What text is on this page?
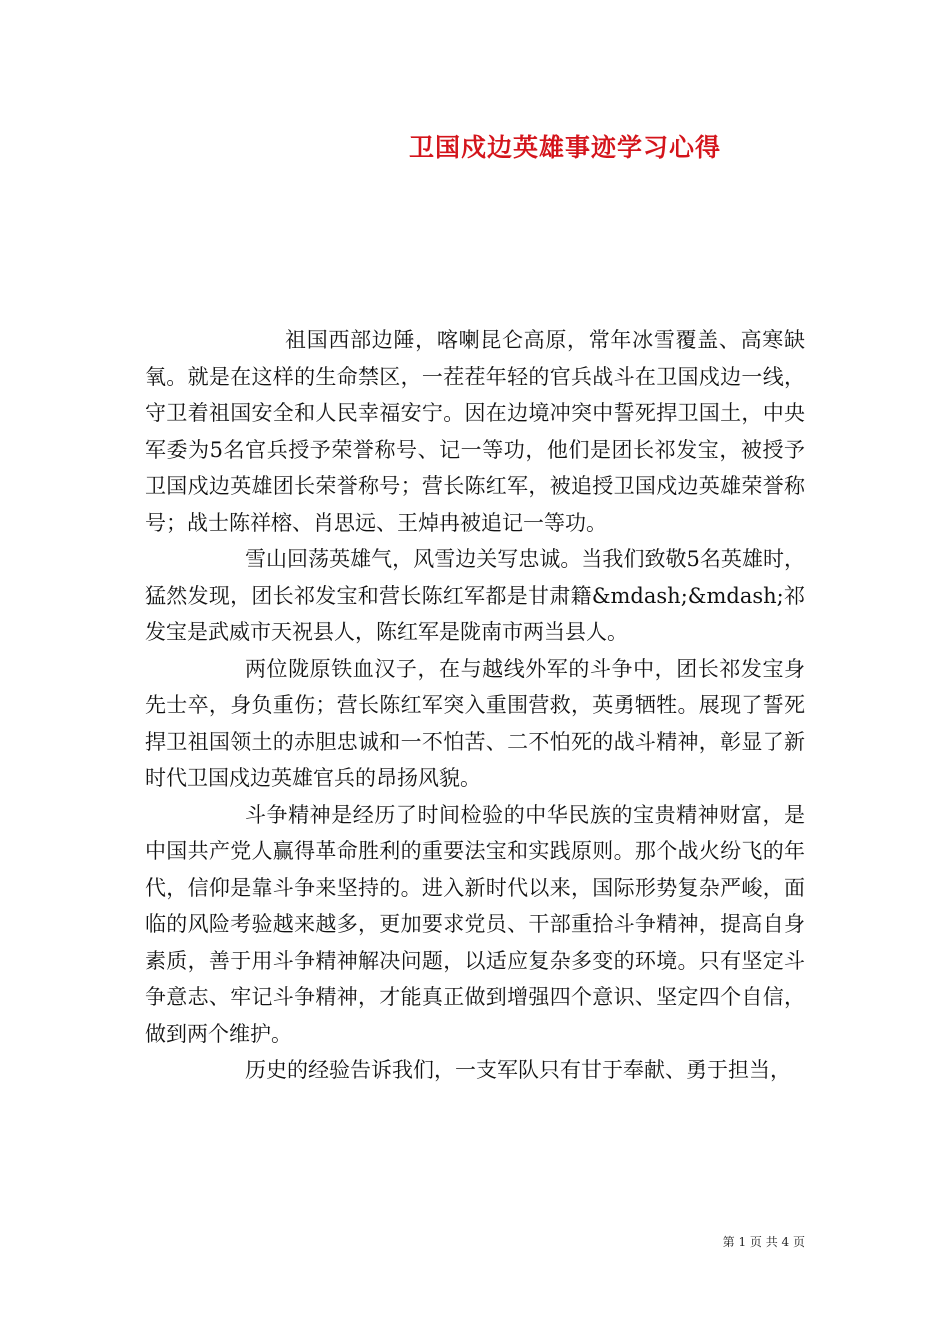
卫国戍边英雄事迹学习心得

祖国西部边陲，喀喇昆仑高原，常年冰雪覆盖、高寒缺氧。就是在这样的生命禁区，一茬茬年轻的官兵战斗在卫国戍边一线，守卫着祖国安全和人民幸福安宁。因在边境冲突中誓死捍卫国土，中央军委为5名官兵授予荣誉称号、记一等功，他们是团长祁发宝，被授予卫国戍边英雄团长荣誉称号；营长陈红军，被追授卫国戍边英雄荣誉称号；战士陈祥榕、肖思远、王焯冉被追记一等功。

雪山回荡英雄气，风雪边关写忠诚。当我们致敬5名英雄时，猛然发现，团长祁发宝和营长陈红军都是甘肃籍&mdash;&mdash;祁发宝是武威市天祝县人，陈红军是陇南市两当县人。

两位陇原铁血汉子，在与越线外军的斗争中，团长祁发宝身先士卒，身负重伤；营长陈红军突入重围营救，英勇牺牲。展现了誓死捍卫祖国领土的赤胆忠诚和一不怕苦、二不怕死的战斗精神，彰显了新时代卫国戍边英雄官兵的昂扬风貌。

斗争精神是经历了时间检验的中华民族的宝贵精神财富，是中国共产党人赢得革命胜利的重要法宝和实践原则。那个战火纷飞的年代，信仰是靠斗争来坚持的。进入新时代以来，国际形势复杂严峻，面临的风险考验越来越多，更加要求党员、干部重拾斗争精神，提高自身素质，善于用斗争精神解决问题，以适应复杂多变的环境。只有坚定斗争意志、牢记斗争精神，才能真正做到增强四个意识、坚定四个自信，做到两个维护。

历史的经验告诉我们，一支军队只有甘于奉献、勇于担当，

第 1 页 共 4 页
